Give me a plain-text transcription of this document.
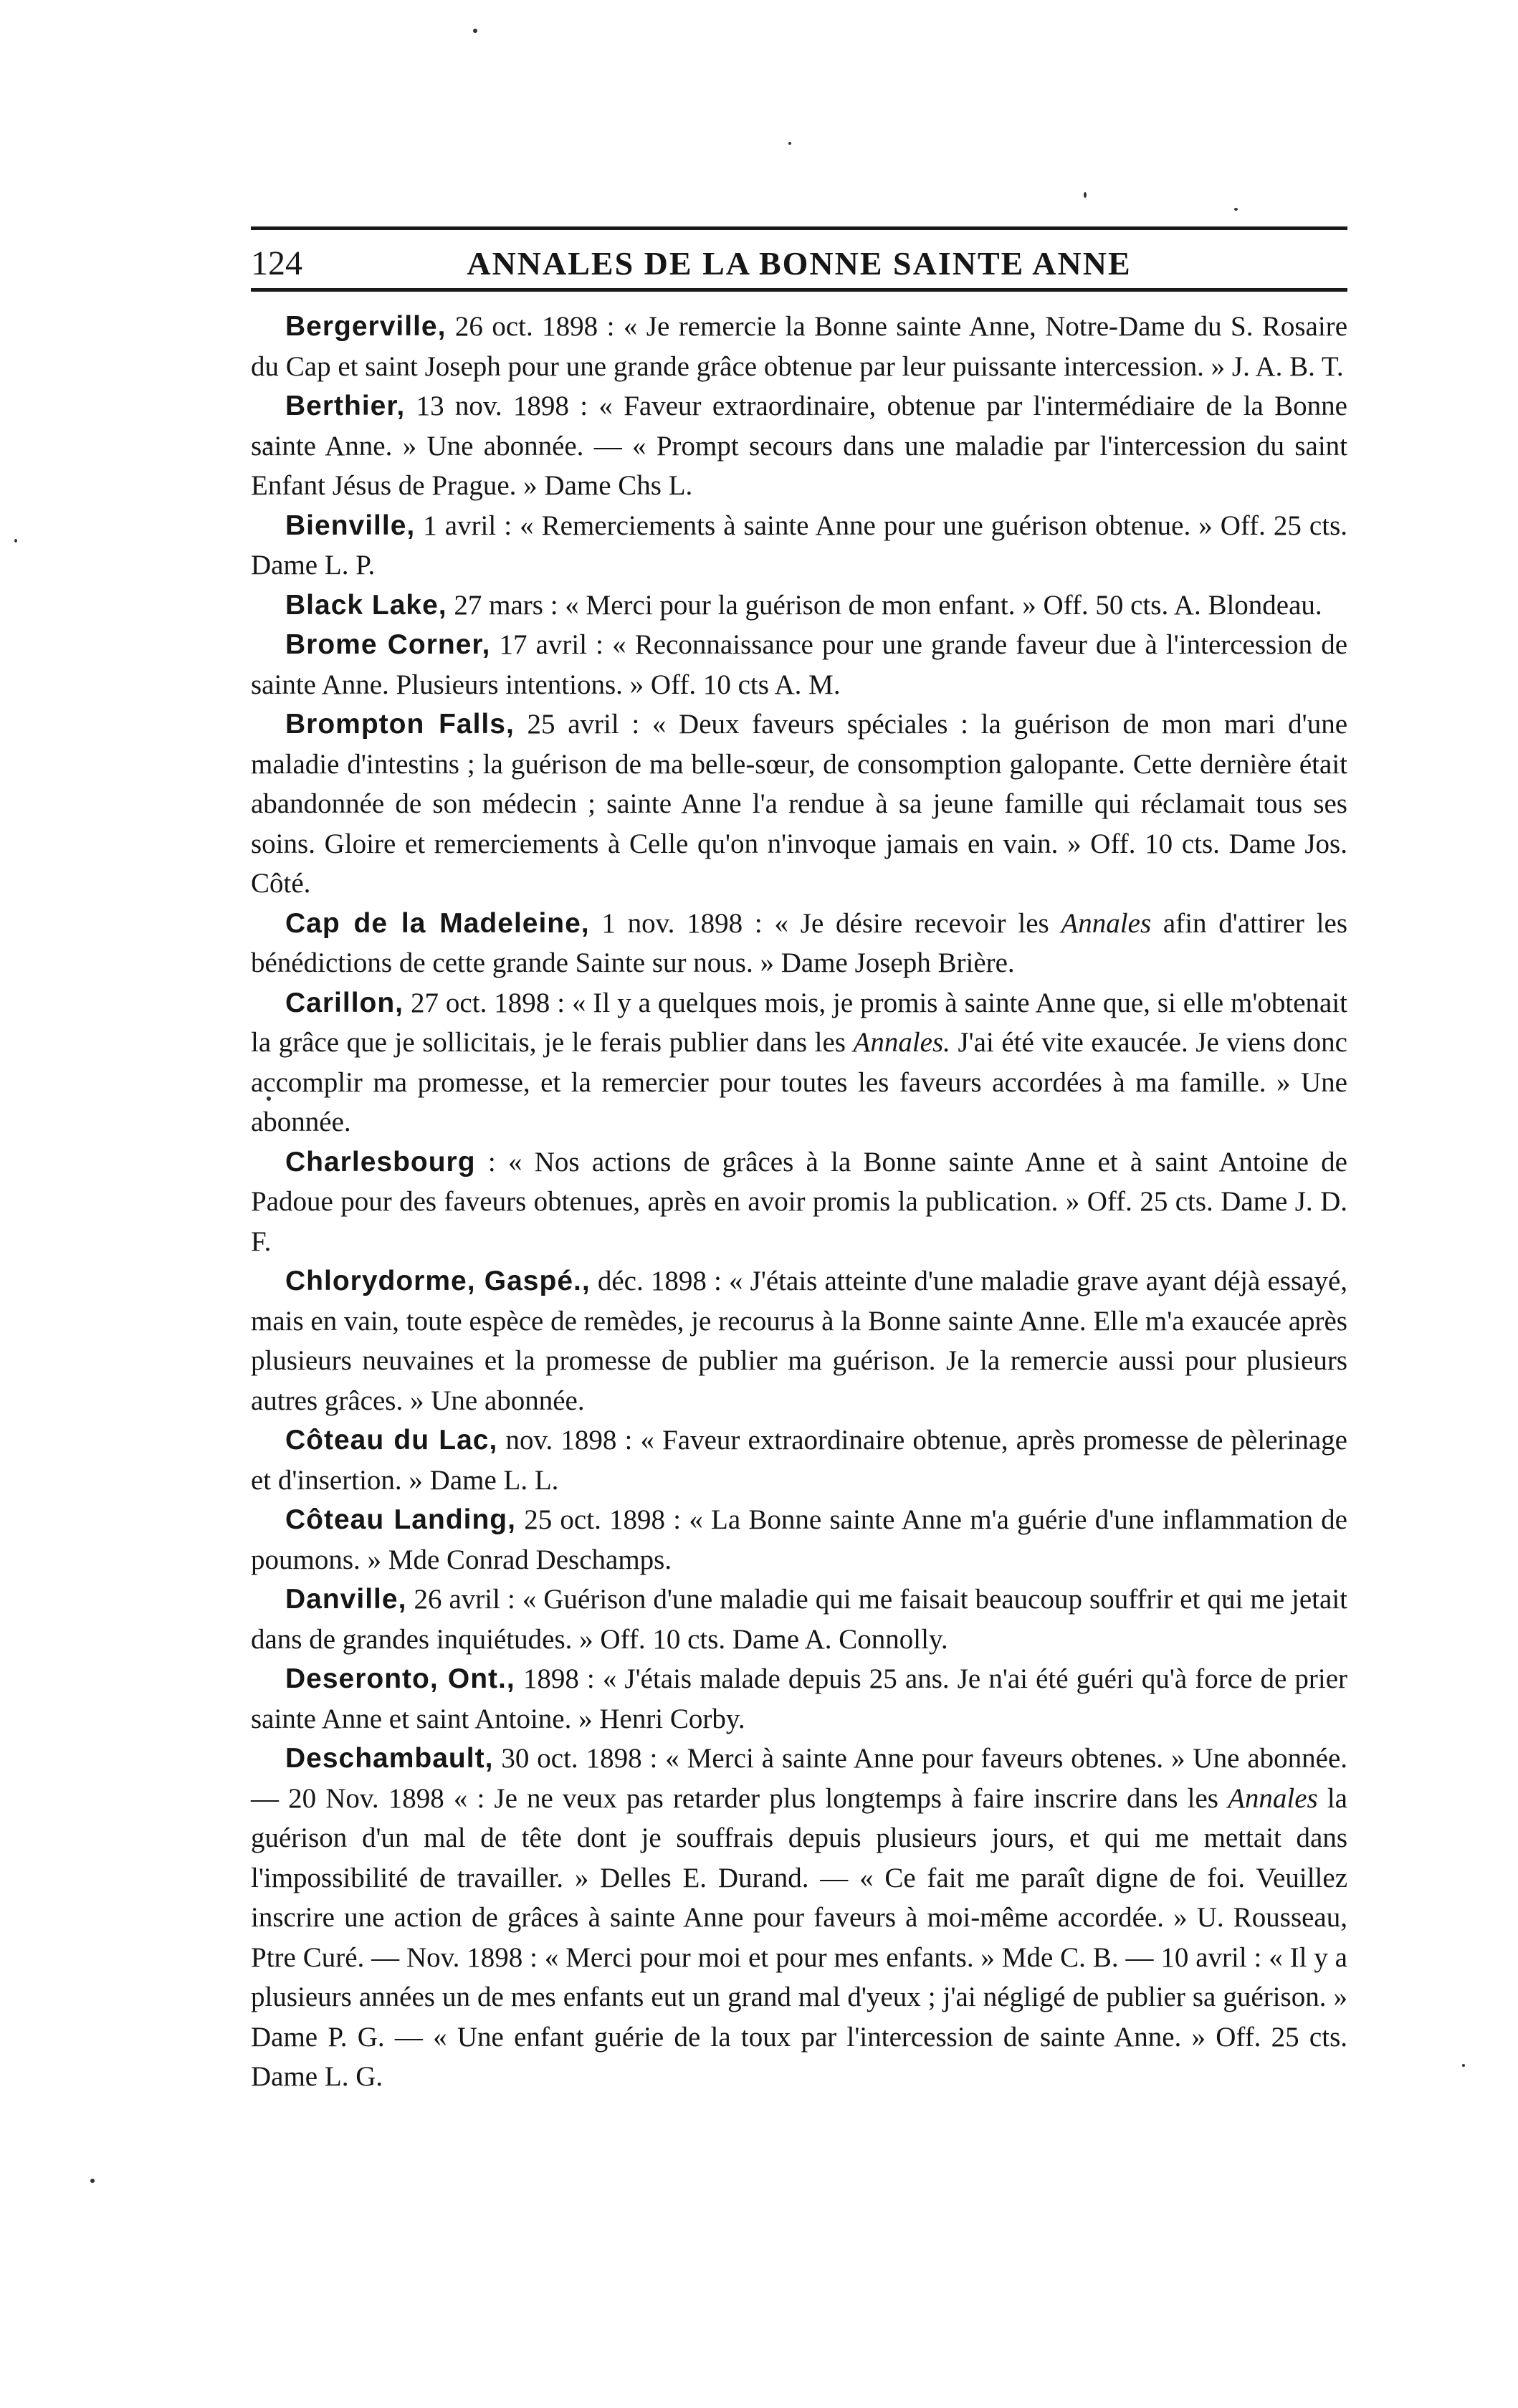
124	ANNALES DE LA BONNE SAINTE ANNE

Bergerville, 26 oct. 1898 : « Je remercie la Bonne sainte Anne, Notre-Dame du S. Rosaire du Cap et saint Joseph pour une grande grâce obtenue par leur puissante intercession. » J. A. B. T.

Berthier, 13 nov. 1898 : « Faveur extraordinaire, obtenue par l'intermédiaire de la Bonne sainte Anne. » Une abonnée. — « Prompt secours dans une maladie par l'intercession du saint Enfant Jésus de Prague. » Dame Chs L.

Bienville, 1 avril : « Remerciements à sainte Anne pour une guérison obtenue. » Off. 25 cts. Dame L. P.

Black Lake, 27 mars : « Merci pour la guérison de mon enfant. » Off. 50 cts. A. Blondeau.

Brome Corner, 17 avril : « Reconnaissance pour une grande faveur due à l'intercession de sainte Anne. Plusieurs intentions. » Off. 10 cts A. M.

Brompton Falls, 25 avril : « Deux faveurs spéciales : la guérison de mon mari d'une maladie d'intestins ; la guérison de ma belle-sœur, de consomption galopante. Cette dernière était abandonnée de son médecin ; sainte Anne l'a rendue à sa jeune famille qui réclamait tous ses soins. Gloire et remerciements à Celle qu'on n'invoque jamais en vain. » Off. 10 cts. Dame Jos. Côté.

Cap de la Madeleine, 1 nov. 1898 : « Je désire recevoir les Annales afin d'attirer les bénédictions de cette grande Sainte sur nous. » Dame Joseph Brière.

Carillon, 27 oct. 1898 : « Il y a quelques mois, je promis à sainte Anne que, si elle m'obtenait la grâce que je sollicitais, je le ferais publier dans les Annales. J'ai été vite exaucée. Je viens donc accomplir ma promesse, et la remercier pour toutes les faveurs accordées à ma famille. » Une abonnée.

Charlesbourg : « Nos actions de grâces à la Bonne sainte Anne et à saint Antoine de Padoue pour des faveurs obtenues, après en avoir promis la publication. » Off. 25 cts. Dame J. D. F.

Chlorydorme, Gaspé., déc. 1898 : « J'étais atteinte d'une maladie grave ayant déjà essayé, mais en vain, toute espèce de remèdes, je recourus à la Bonne sainte Anne. Elle m'a exaucée après plusieurs neuvaines et la promesse de publier ma guérison. Je la remercie aussi pour plusieurs autres grâces. » Une abonnée.

Côteau du Lac, nov. 1898 : « Faveur extraordinaire obtenue, après promesse de pèlerinage et d'insertion. » Dame L. L.

Côteau Landing, 25 oct. 1898 : « La Bonne sainte Anne m'a guérie d'une inflammation de poumons. » Mde Conrad Deschamps.

Danville, 26 avril : « Guérison d'une maladie qui me faisait beaucoup souffrir et qui me jetait dans de grandes inquiétudes. » Off. 10 cts. Dame A. Connolly.

Deseronto, Ont., 1898 : « J'étais malade depuis 25 ans. Je n'ai été guéri qu'à force de prier sainte Anne et saint Antoine. » Henri Corby.

Deschambault, 30 oct. 1898 : « Merci à sainte Anne pour faveurs obtenes. » Une abonnée. — 20 Nov. 1898 « : Je ne veux pas retarder plus longtemps à faire inscrire dans les Annales la guérison d'un mal de tête dont je souffrais depuis plusieurs jours, et qui me mettait dans l'impossibilité de travailler. » Delles E. Durand. — « Ce fait me paraît digne de foi. Veuillez inscrire une action de grâces à sainte Anne pour faveurs à moi-même accordée. » U. Rousseau, Ptre Curé. — Nov. 1898 : « Merci pour moi et pour mes enfants. » Mde C. B. — 10 avril : « Il y a plusieurs années un de mes enfants eut un grand mal d'yeux ; j'ai négligé de publier sa guérison. » Dame P. G. — « Une enfant guérie de la toux par l'intercession de sainte Anne. » Off. 25 cts. Dame L. G.
